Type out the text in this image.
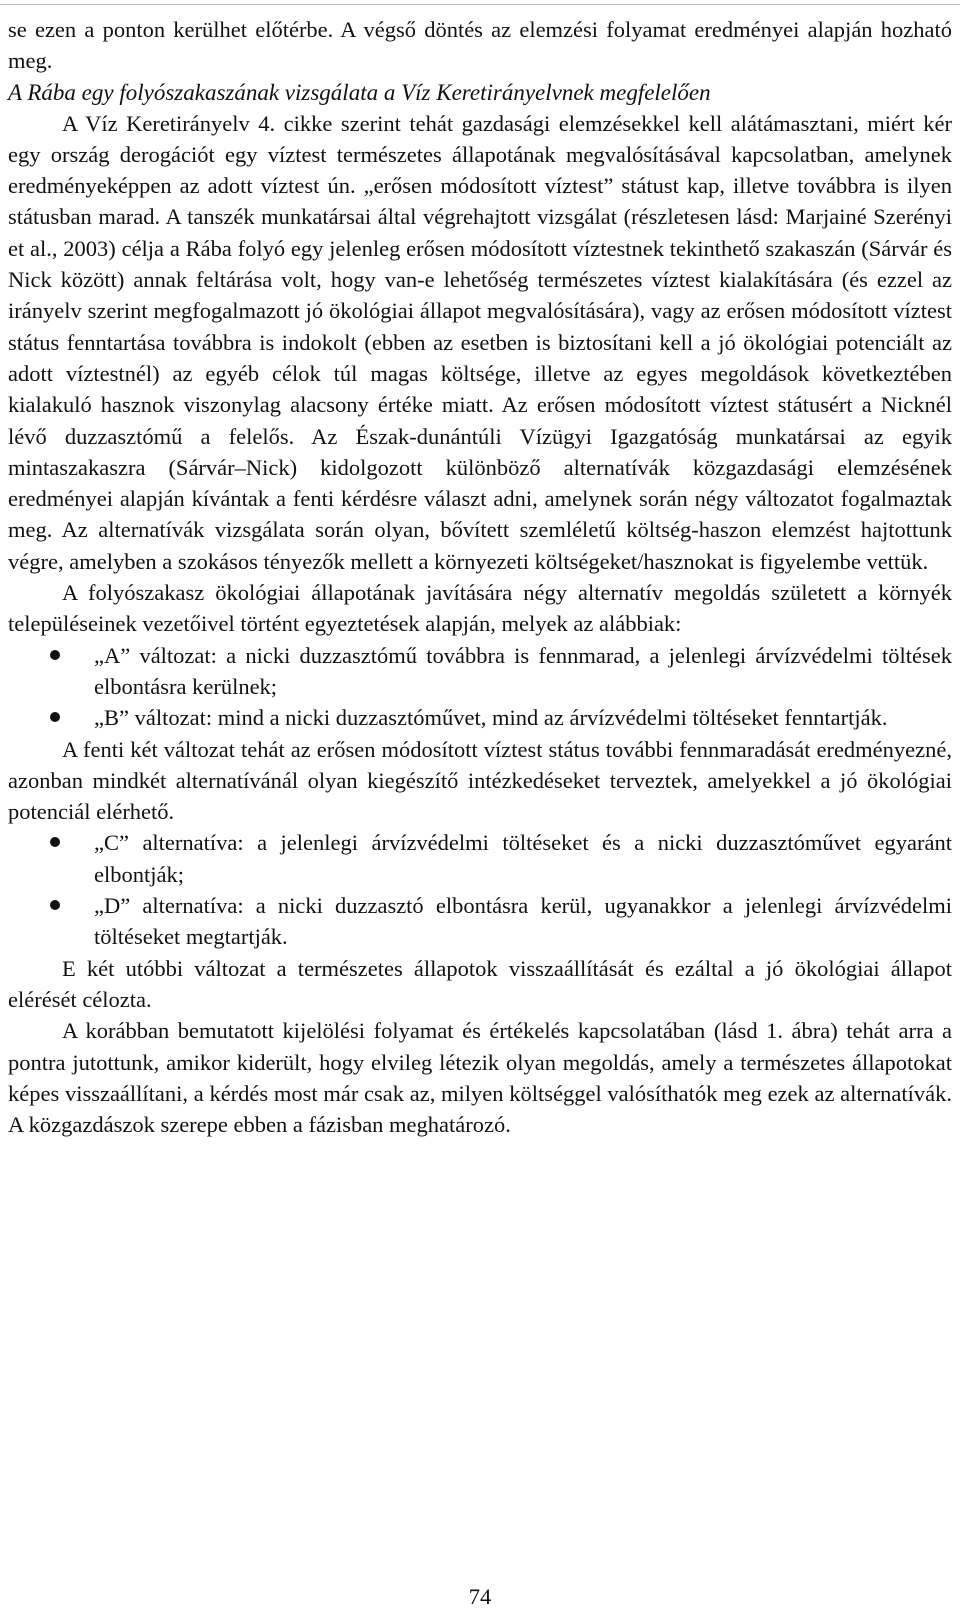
se ezen a ponton kerülhet előtérbe. A végső döntés az elemzési folyamat eredményei alapján hozható meg.

A Rába egy folyószakaszának vizsgálata a Víz Keretirányelvnek megfelelően

A Víz Keretirányelv 4. cikke szerint tehát gazdasági elemzésekkel kell alátámasztani, miért kér egy ország derogációt egy víztest természetes állapotának megvalósításával kapcsolatban, amelynek eredményeképpen az adott víztest ún. „erősen módosított víztest” státust kap, illetve továbbra is ilyen státusban marad. A tanszék munkatársai által végrehajtott vizsgálat (részletesen lásd: Marjainé Szerényi et al., 2003) célja a Rába folyó egy jelenleg erősen módosított víztestnek tekinthető szakaszán (Sárvár és Nick között) annak feltárása volt, hogy van-e lehetőség természetes víztest kialakítására (és ezzel az irányelv szerint megfogalmazott jó ökológiai állapot megvalósítására), vagy az erősen módosított víztest státus fenntartása továbbra is indokolt (ebben az esetben is biztosítani kell a jó ökológiai potenciált az adott víztestnél) az egyéb célok túl magas költsége, illetve az egyes megoldások következtében kialakuló hasznok viszonylag alacsony értéke miatt. Az erősen módosított víztest státusért a Nicknél lévő duzzasztómű a felelős. Az Észak-dunántúli Vízügyi Igazgatóság munkatársai az egyik mintaszakaszra (Sárvár–Nick) kidolgozott különböző alternatívák közgazdasági elemzésének eredményei alapján kívántak a fenti kérdésre választ adni, amelynek során négy változatot fogalmaztak meg. Az alternatívák vizsgálata során olyan, bővített szemléletű költség-haszon elemzést hajtottunk végre, amelyben a szokásos tényezők mellett a környezeti költségeket/hasznokat is figyelembe vettük.

A folyószakasz ökológiai állapotának javítására négy alternatív megoldás született a környék településeinek vezetőivel történt egyeztetések alapján, melyek az alábbiak:

„A” változat: a nicki duzzasztómű továbbra is fennmarad, a jelenlegi árvízvédelmi töltések elbontásra kerülnek;
„B” változat: mind a nicki duzzasztóművet, mind az árvízvédelmi töltéseket fenntartják.

A fenti két változat tehát az erősen módosított víztest státus további fennmaradását eredményezné, azonban mindkét alternatívánál olyan kiegészítő intézkedéseket terveztek, amelyekkel a jó ökológiai potenciál elérhető.

„C” alternatíva: a jelenlegi árvízvédelmi töltéseket és a nicki duzzasztóművet egyaránt elbontják;
„D” alternatíva: a nicki duzzasztó elbontásra kerül, ugyanakkor a jelenlegi árvízvédelmi töltéseket megtartják.

E két utóbbi változat a természetes állapotok visszaállítását és ezáltal a jó ökológiai állapot elérését célozta.

A korábban bemutatott kijelölési folyamat és értékelés kapcsolatában (lásd 1. ábra) tehát arra a pontra jutottunk, amikor kiderült, hogy elvileg létezik olyan megoldás, amely a természetes állapotokat képes visszaállítani, a kérdés most már csak az, milyen költséggel valósíthatók meg ezek az alternatívák. A közgazdászok szerepe ebben a fázisban meghatározó.

74
